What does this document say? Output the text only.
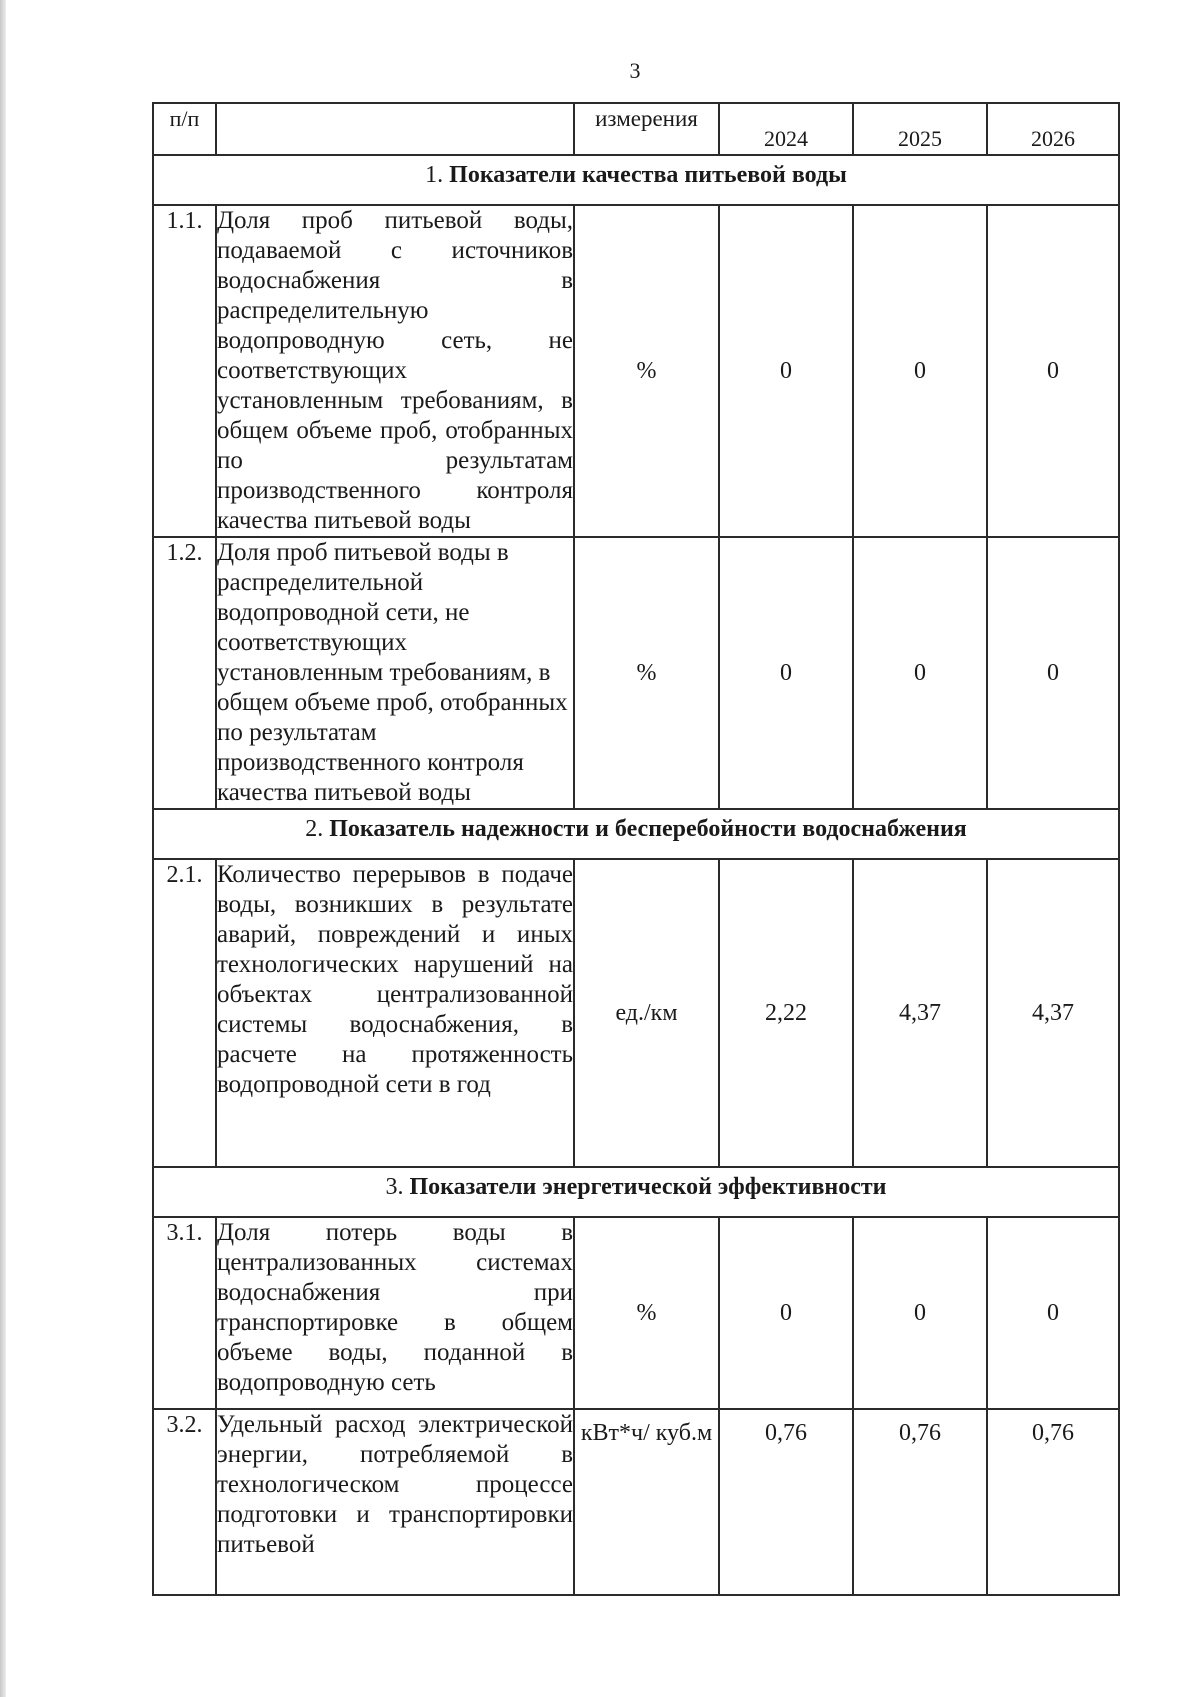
3
п/п		измерения	2024	2025	2026
1. Показатели качества питьевой воды					
1.1.	Доля проб питьевой воды, подаваемой с источников водоснабжения в распределительную водопроводную сеть, не соответствующих установленным требованиям, в общем объеме проб, отобранных по результатам производственного контроля качества питьевой воды	%	0	0	0
1.2.	Доля проб питьевой воды в распределительной водопроводной сети, не соответствующих установленным требованиям, в общем объеме проб, отобранных по результатам производственного контроля качества питьевой воды	%	0	0	0
2. Показатель надежности и бесперебойности водоснабжения					
2.1.	Количество перерывов в подаче воды, возникших в результате аварий, повреждений и иных технологических нарушений на объектах централизованной системы водоснабжения, в расчете на протяженность водопроводной сети в год	ед./км	2,22	4,37	4,37
3. Показатели энергетической эффективности					
3.1.	Доля потерь воды в централизованных системах водоснабжения при транспортировке в общем объеме воды, поданной в водопроводную сеть	%	0	0	0
3.2.	Удельный расход электрической энергии, потребляемой в технологическом процессе подготовки и транспортировки питьевой	кВт*ч/ куб.м	0,76	0,76	0,76
